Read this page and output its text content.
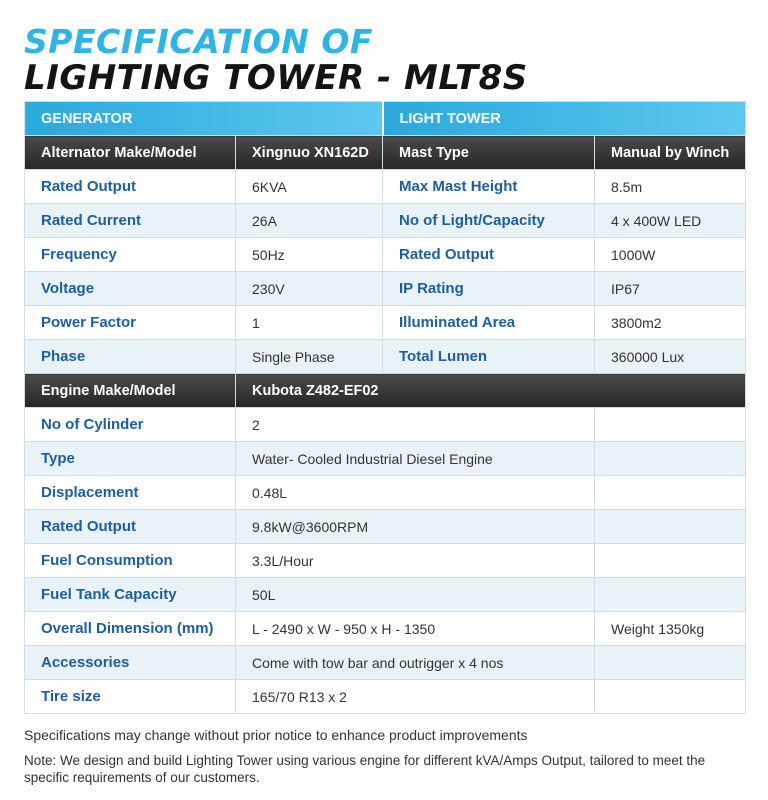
SPECIFICATION OF
LIGHTING TOWER - MLT8S
GENERATOR		LIGHT TOWER	
Alternator Make/Model	Xingnuo XN162D	Mast Type	Manual by Winch
Rated Output	6KVA	Max Mast Height	8.5m
Rated Current	26A	No of Light/Capacity	4 x 400W LED
Frequency	50Hz	Rated Output	1000W
Voltage	230V	IP Rating	IP67
Power Factor	1	Illuminated Area	3800m2
Phase	Single Phase	Total Lumen	360000 Lux
Engine Make/Model	Kubota Z482-EF02		
No of Cylinder	2		
Type	Water- Cooled Industrial Diesel Engine		
Displacement	0.48L		
Rated Output	9.8kW@3600RPM		
Fuel Consumption	3.3L/Hour		
Fuel Tank Capacity	50L		
Overall Dimension (mm)	L - 2490 x W - 950 x H - 1350		Weight 1350kg
Accessories	Come with tow bar and outrigger x 4 nos		
Tire size	165/70 R13 x 2		
Specifications may change without prior notice to enhance product improvements
Note: We design and build Lighting Tower using various engine for different kVA/Amps Output, tailored to meet the specific requirements of our customers.
